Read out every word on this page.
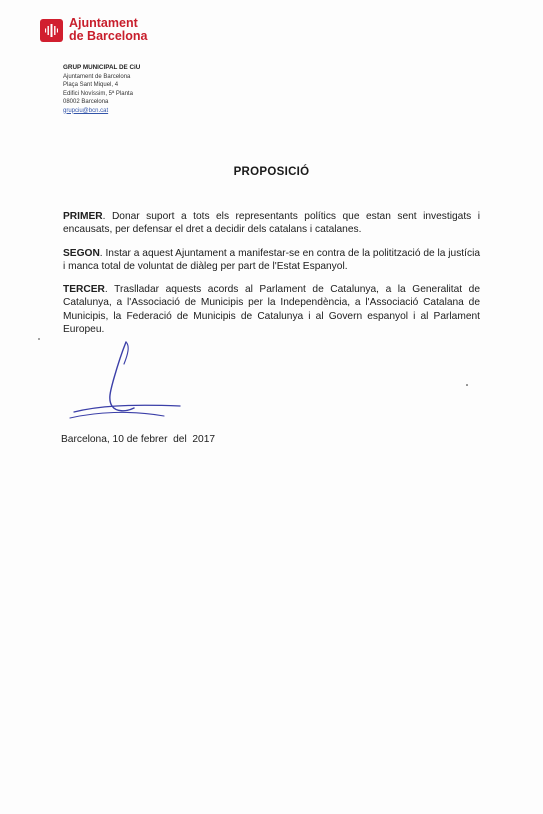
Ajuntament
de Barcelona
GRUP MUNICIPAL DE CiU
Ajuntament de Barcelona
Plaça Sant Miquel, 4
Edifici Novíssim, 5ª Planta
08002 Barcelona
grupciu@bcn.cat
PROPOSICIÓ

PRIMER. Donar suport a tots els representants polítics que estan sent investigats i encausats, per defensar el dret a decidir dels catalans i catalanes.

SEGON. Instar a aquest Ajuntament a manifestar-se en contra de la politització de la justícia i manca total de voluntat de diàleg per part de l'Estat Espanyol.

TERCER. Traslladar aquests acords al Parlament de Catalunya, a la Generalitat de Catalunya, a l'Associació de Municipis per la Independència, a l'Associació Catalana de Municipis, la Federació de Municipis de Catalunya i al Govern espanyol i al Parlament Europeu.

Barcelona, 10 de febrer  del  2017
